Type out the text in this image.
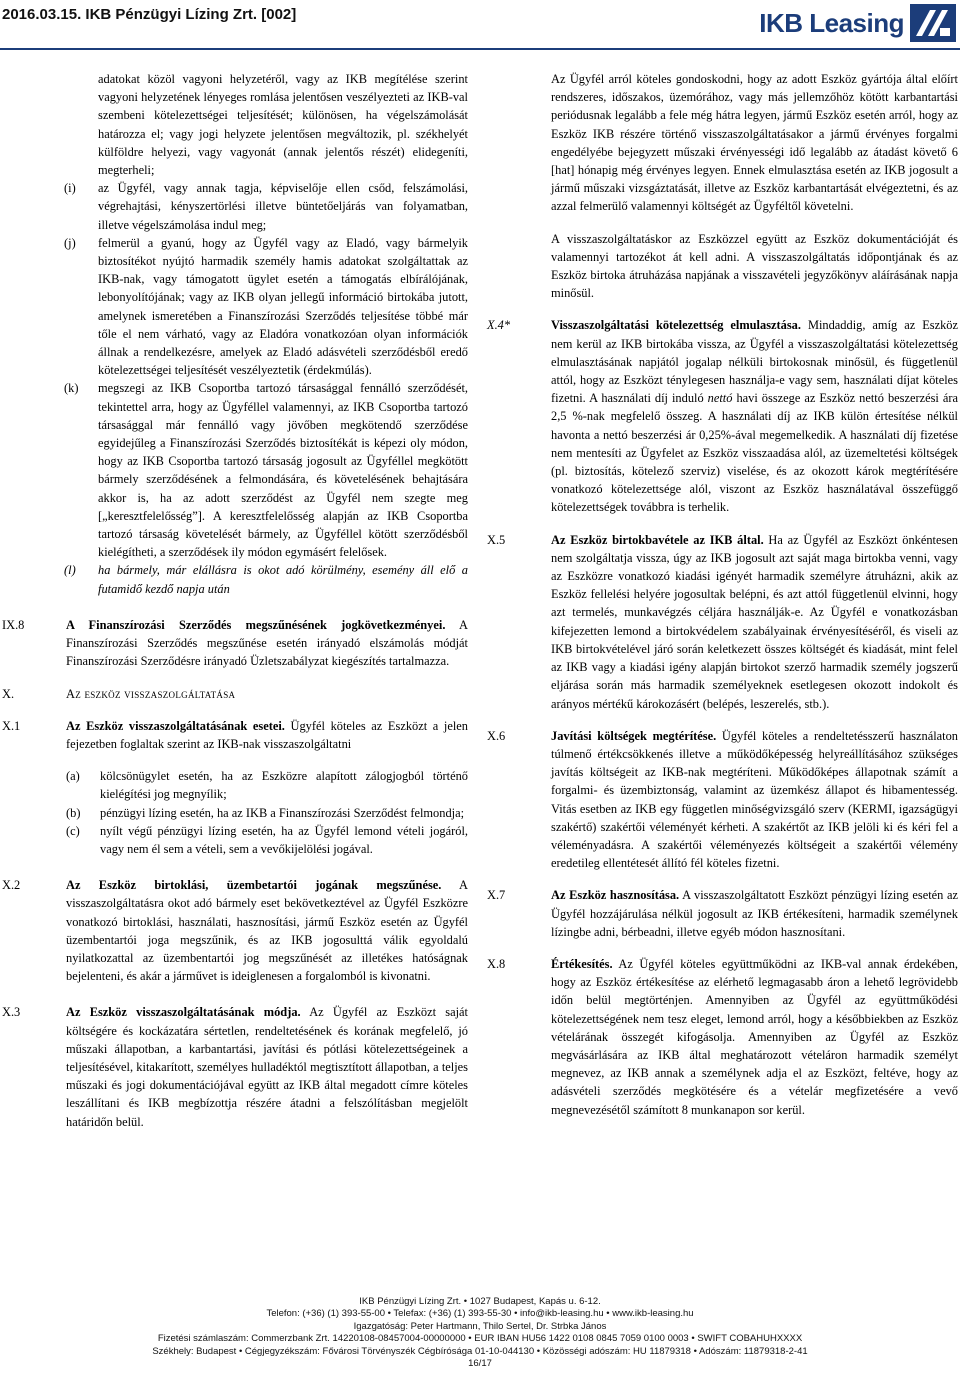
2016.03.15. IKB Pénzügyi Lízing Zrt. [002]	IKB Leasing

adatokat közöl vagyoni helyzetéről, vagy az IKB megítélése szerint vagyoni helyzetének lényeges romlása jelentősen veszélyezteti az IKB-val szembeni kötelezettségei teljesítését; különösen, ha végelszámolását határozza el; vagy jogi helyzete jelentősen megváltozik, pl. székhelyét külföldre helyezi, vagy vagyonát (annak jelentős részét) elidegeníti, megterheli;

(i)	az Ügyfél, vagy annak tagja, képviselője ellen csőd, felszámolási, végrehajtási, kényszertörlési illetve büntetőeljárás van folyamatban, illetve végelszámolása indul meg;
(j)	felmerül a gyanú, hogy az Ügyfél vagy az Eladó, vagy bármelyik biztosítékot nyújtó harmadik személy hamis adatokat szolgáltattak az IKB-nak, vagy támogatott ügylet esetén a támogatás elbírálójának, lebonyolítójának; vagy az IKB olyan jellegű információ birtokába jutott, amelynek ismeretében a Finanszírozási Szerződés teljesítése többé már tőle el nem várható, vagy az Eladóra vonatkozóan olyan információk állnak a rendelkezésre, amelyek az Eladó adásvételi szerződésből eredő kötelezettségei teljesítését veszélyeztetik (érdekmúlás).
(k)	megszegi az IKB Csoportba tartozó társasággal fennálló szerződését, tekintettel arra, hogy az Ügyféllel valamennyi, az IKB Csoportba tartozó társasággal már fennálló vagy jövőben megkötendő szerződése egyidejűleg a Finanszírozási Szerződés biztosítékát is képezi oly módon, hogy az IKB Csoportba tartozó társaság jogosult az Ügyféllel megkötött bármely szerződésének a felmondására, és követelésének behajtására akkor is, ha az adott szerződést az Ügyfél nem szegte meg [„keresztfelelősség”]. A keresztfelelősség alapján az IKB Csoportba tartozó társaság követelését bármely, az Ügyféllel kötött szerződésből kielégítheti, a szerződések ily módon egymásért felelősek.
(l)	ha bármely, már elállásra is okot adó körülmény, esemény áll elő a futamidő kezdő napja után
IX.8	A Finanszírozási Szerződés megszűnésének jogkövetkezményei. A Finanszírozási Szerződés megszűnése esetén irányadó elszámolás módját Finanszírozási Szerződésre irányadó Üzletszabályzat kiegészítés tartalmazza.
X.	Az eszköz visszaszolgáltatása
X.1	Az Eszköz visszaszolgáltatásának esetei. Ügyfél köteles az Eszközt a jelen fejezetben foglaltak szerint az IKB-nak visszaszolgáltatni
(a)	kölcsönügylet esetén, ha az Eszközre alapított zálogjogból történő kielégítési jog megnyílik;
(b)	pénzügyi lízing esetén, ha az IKB a Finanszírozási Szerződést felmondja;
(c)	nyílt végű pénzügyi lízing esetén, ha az Ügyfél lemond vételi jogáról, vagy nem él sem a vételi, sem a vevőkijelölési jogával.
X.2	Az Eszköz birtoklási, üzembetartói jogának megszűnése. A visszaszolgáltatásra okot adó bármely eset bekövetkeztével az Ügyfél Eszközre vonatkozó birtoklási, használati, hasznosítási, jármű Eszköz esetén az Ügyfél üzembentartói joga megszűnik, és az IKB jogosulttá válik egyoldalú nyilatkozattal az üzembentartói jog megszűnését az illetékes hatóságnak bejelenteni, és akár a járművet is ideiglenesen a forgalomból is kivonatni.
X.3	Az Eszköz visszaszolgáltatásának módja. Az Ügyfél az Eszközt saját költségére és kockázatára sértetlen, rendeltetésének és korának megfelelő, jó műszaki állapotban, a karbantartási, javítási és pótlási kötelezettségeinek a teljesítésével, kitakarított, személyes hulladéktól megtisztított állapotban, a teljes műszaki és jogi dokumentációjával együtt az IKB által megadott címre köteles leszállítani és IKB megbízottja részére átadni a felszólításban megjelölt határidőn belül.

Az Ügyfél arról köteles gondoskodni, hogy az adott Eszköz gyártója által előírt rendszeres, időszakos, üzemórához, vagy más jellemzőhöz kötött karbantartási periódusnak legalább a fele még hátra legyen, jármű Eszköz esetén arról, hogy az Eszköz IKB részére történő visszaszolgáltatásakor a jármű érvényes forgalmi engedélyébe bejegyzett műszaki érvényességi idő legalább az átadást követő 6 [hat] hónapig még érvényes legyen. Ennek elmulasztása esetén az IKB jogosult a jármű műszaki vizsgáztatását, illetve az Eszköz karbantartását elvégeztetni, és az azzal felmerülő valamennyi költségét az Ügyféltől követelni.

A visszaszolgáltatáskor az Eszközzel együtt az Eszköz dokumentációját és valamennyi tartozékot át kell adni. A visszaszolgáltatás időpontjának és az Eszköz birtoka átruházása napjának a visszavételi jegyzőkönyv aláírásának napja minősül.

X.4*	Visszaszolgáltatási kötelezettség elmulasztása. Mindaddig, amíg az Eszköz nem kerül az IKB birtokába vissza, az Ügyfél a visszaszolgáltatási kötelezettség elmulasztásának napjától jogalap nélküli birtokosnak minősül, és függetlenül attól, hogy az Eszközt ténylegesen használja-e vagy sem, használati díjat köteles fizetni. A használati díj induló nettó havi összege az Eszköz nettó beszerzési ára 2,5 %-nak megfelelő összeg. A használati díj az IKB külön értesítése nélkül havonta a nettó beszerzési ár 0,25%-ával megemelkedik. A használati díj fizetése nem mentesíti az Ügyfelet az Eszköz visszaadása alól, az üzemeltetési költségek (pl. biztosítás, kötelező szerviz) viselése, és az okozott károk megtérítésére vonatkozó kötelezettsége alól, viszont az Eszköz használatával összefüggő kötelezettségek továbbra is terhelik.
X.5	Az Eszköz birtokbavétele az IKB által. Ha az Ügyfél az Eszközt önkéntesen nem szolgáltatja vissza, úgy az IKB jogosult azt saját maga birtokba venni, vagy az Eszközre vonatkozó kiadási igényét harmadik személyre átruházni, akik az Eszköz fellelési helyére jogosultak belépni, és azt attól függetlenül elvinni, hogy azt termelés, munkavégzés céljára használják-e. Az Ügyfél e vonatkozásban kifejezetten lemond a birtokvédelem szabályainak érvényesítéséről, és viseli az IKB birtokvételével járó során keletkezett összes költségét és kiadását, mint felel az IKB vagy a kiadási igény alapján birtokot szerző harmadik személy jogszerű eljárása során más harmadik személyeknek esetlegesen okozott indokolt és arányos mértékű károkozásért (belépés, leszerelés, stb.).
X.6	Javítási költségek megtérítése. Ügyfél köteles a rendeltetésszerű használaton túlmenő értékcsökkenés illetve a működőképesség helyreállításához szükséges javítás költségeit az IKB-nak megtéríteni. Működőképes állapotnak számít a forgalmi- és üzembiztonság, valamint az üzemkész állapot és hibamentesség. Vitás esetben az IKB egy független minőségvizsgáló szerv (KERMI, igazságügyi szakértő) szakértői véleményét kérheti. A szakértőt az IKB jelöli ki és kéri fel a véleményadásra. A szakértői véleményezés költségeit a szakértői vélemény eredetileg ellentétesét állító fél köteles fizetni.
X.7	Az Eszköz hasznosítása. A visszaszolgáltatott Eszközt pénzügyi lízing esetén az Ügyfél hozzájárulása nélkül jogosult az IKB értékesíteni, harmadik személynek lízingbe adni, bérbeadni, illetve egyéb módon hasznosítani.
X.8	Értékesítés. Az Ügyfél köteles együttműködni az IKB-val annak érdekében, hogy az Eszköz értékesítése az elérhető legmagasabb áron a lehető legrövidebb időn belül megtörténjen. Amennyiben az Ügyfél az együttműködési kötelezettségének nem tesz eleget, lemond arról, hogy a későbbiekben az Eszköz vételárának összegét kifogásolja. Amennyiben az Ügyfél az Eszköz megvásárlására az IKB által meghatározott vételáron harmadik személyt megnevez, az IKB annak a személynek adja el az Eszközt, feltéve, hogy az adásvételi szerződés megkötésére és a vételár megfizetésére a vevő megnevezésétől számított 8 munkanapon sor kerül.
IKB Pénzügyi Lízing Zrt. • 1027 Budapest, Kapás u. 6-12.
Telefon: (+36) (1) 393-55-00 • Telefax: (+36) (1) 393-55-30 • info@ikb-leasing.hu • www.ikb-leasing.hu
Igazgatóság: Peter Hartmann, Thilo Sertel, Dr. Strbka János
Fizetési számlaszám: Commerzbank Zrt. 14220108-08457004-00000000 • EUR IBAN HU56 1422 0108 0845 7059 0100 0003 • SWIFT COBAHUHXXXX
Székhely: Budapest • Cégjegyzékszám: Fővárosi Törvényszék Cégbírósága 01-10-044130 • Közösségi adószám: HU 11879318 • Adószám: 11879318-2-41
16/17
